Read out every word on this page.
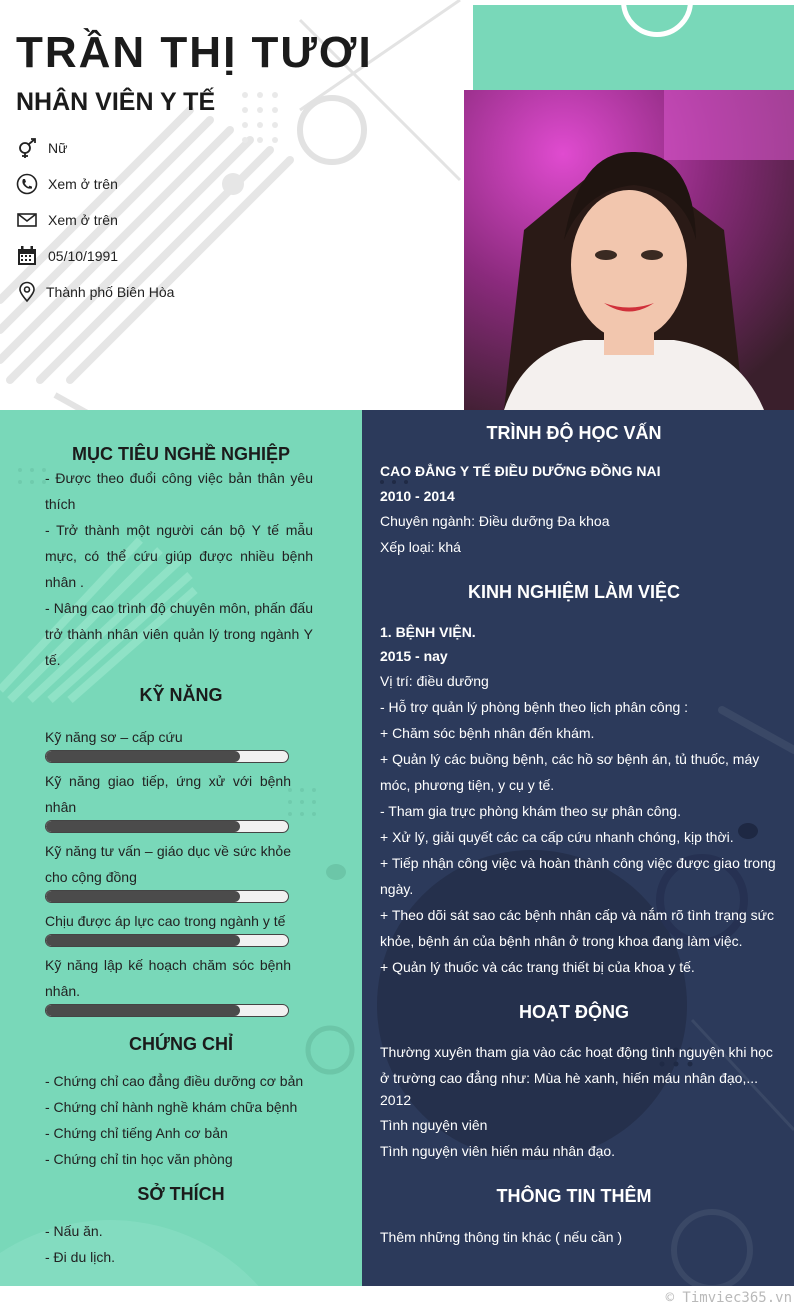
TRẦN THỊ TƯƠI
NHÂN VIÊN Y TẾ
Nữ
Xem ở trên
Xem ở trên
05/10/1991
Thành phố Biên Hòa
MỤC TIÊU NGHỀ NGHIỆP
- Được theo đuổi công việc bản thân yêu thích
- Trở thành một người cán bộ Y tế mẫu mực, có thể cứu giúp được nhiều bệnh nhân .
- Nâng cao trình độ chuyên môn, phấn đấu trở thành nhân viên quản lý trong ngành Y tế.
KỸ NĂNG
Kỹ năng sơ – cấp cứu
Kỹ năng giao tiếp, ứng xử với bệnh nhân
Kỹ năng tư vấn – giáo dục về sức khỏe cho cộng đồng
Chịu được áp lực cao trong ngành y tế
Kỹ năng lập kế hoạch chăm sóc bệnh nhân.
CHỨNG CHỈ
- Chứng chỉ cao đẳng điều dưỡng cơ bản
- Chứng chỉ hành nghề khám chữa bệnh
- Chứng chỉ tiếng Anh cơ bản
- Chứng chỉ tin học văn phòng
SỞ THÍCH
- Nấu ăn.
- Đi du lịch.
TRÌNH ĐỘ HỌC VẤN
CAO ĐẲNG Y TẾ ĐIỀU DƯỠNG ĐỒNG NAI
2010 - 2014
Chuyên ngành: Điều dưỡng Đa khoa
Xếp loại: khá
KINH NGHIỆM LÀM VIỆC
1. BỆNH VIỆN.
2015 - nay
Vị trí: điều dưỡng
- Hỗ trợ quản lý phòng bệnh theo lịch phân công :
+ Chăm sóc bệnh nhân đến khám.
+ Quản lý các buồng bệnh, các hồ sơ bệnh án, tủ thuốc, máy móc, phương tiện, y cụ y tế.
- Tham gia trực phòng khám theo sự phân công.
+ Xử lý, giải quyết các ca cấp cứu nhanh chóng, kịp thời.
+ Tiếp nhận công việc và hoàn thành công việc được giao trong ngày.
+ Theo dõi sát sao các bệnh nhân cấp và nắm rõ tình trạng sức khỏe, bệnh án của bệnh nhân ở trong khoa đang làm việc.
+ Quản lý thuốc và các trang thiết bị của khoa y tế.
HOẠT ĐỘNG
Thường xuyên tham gia vào các hoạt động tình nguyện khi học ở trường cao đẳng như: Mùa hè xanh, hiến máu nhân đạo,...
2012
Tình nguyện viên
Tình nguyện viên hiến máu nhân đạo.
THÔNG TIN THÊM
Thêm những thông tin khác ( nếu cần )
© Timviec365.vn
